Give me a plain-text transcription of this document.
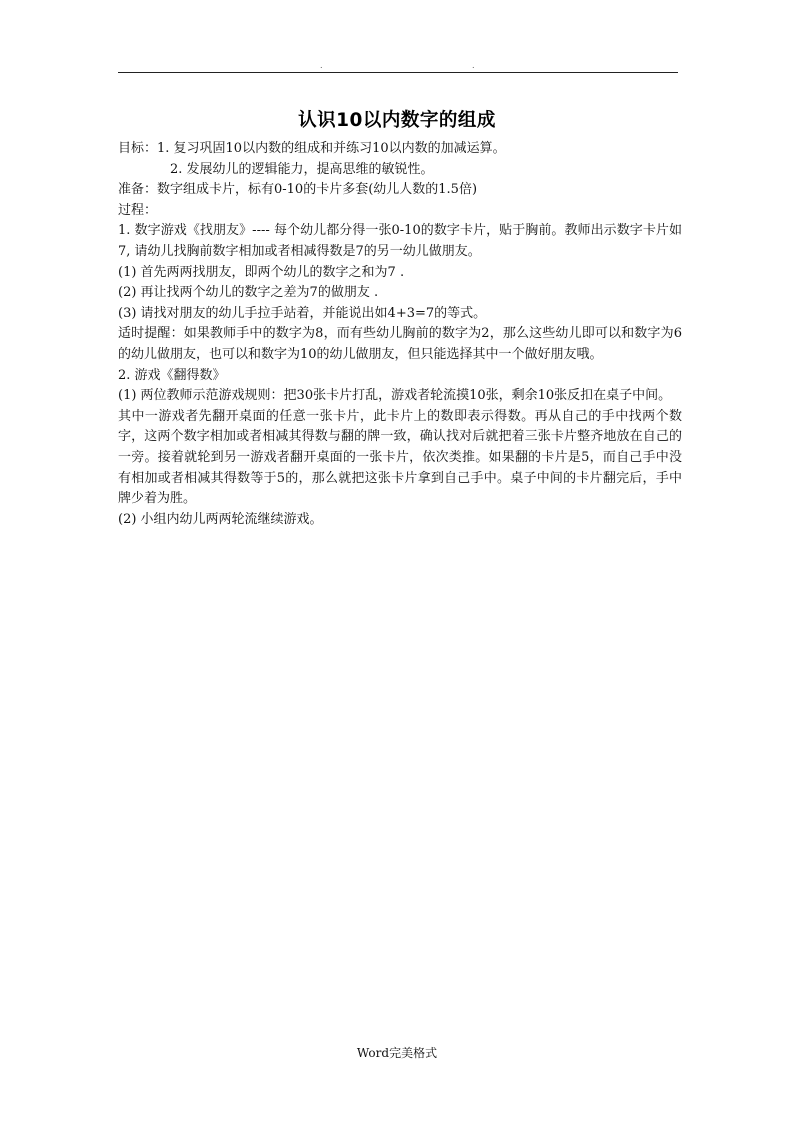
.	.
认识10以内数字的组成
目标：1. 复习巩固10以内数的组成和并练习10以内数的加减运算。
2. 发展幼儿的逻辑能力，提高思维的敏锐性。
准备：数字组成卡片，标有0-10的卡片多套(幼儿人数的1.5倍)
过程：
1. 数字游戏《找朋友》---- 每个幼儿都分得一张0-10的数字卡片，贴于胸前。教师出示数字卡片如7, 请幼儿找胸前数字相加或者相减得数是7的另一幼儿做朋友。
(1) 首先两两找朋友，即两个幼儿的数字之和为7 .
(2) 再让找两个幼儿的数字之差为7的做朋友 .
(3) 请找对朋友的幼儿手拉手站着，并能说出如4+3=7的等式。
适时提醒：如果教师手中的数字为8，而有些幼儿胸前的数字为2，那么这些幼儿即可以和数字为6的幼儿做朋友，也可以和数字为10的幼儿做朋友，但只能选择其中一个做好朋友哦。
2. 游戏《翻得数》
(1) 两位教师示范游戏规则：把30张卡片打乱，游戏者轮流摸10张，剩余10张反扣在桌子中间。
其中一游戏者先翻开桌面的任意一张卡片，此卡片上的数即表示得数。再从自己的手中找两个数字，这两个数字相加或者相减其得数与翻的牌一致，确认找对后就把着三张卡片整齐地放在自己的一旁。接着就轮到另一游戏者翻开桌面的一张卡片，依次类推。如果翻的卡片是5，而自己手中没有相加或者相减其得数等于5的，那么就把这张卡片拿到自己手中。桌子中间的卡片翻完后，手中牌少着为胜。
(2) 小组内幼儿两两轮流继续游戏。
Word完美格式
